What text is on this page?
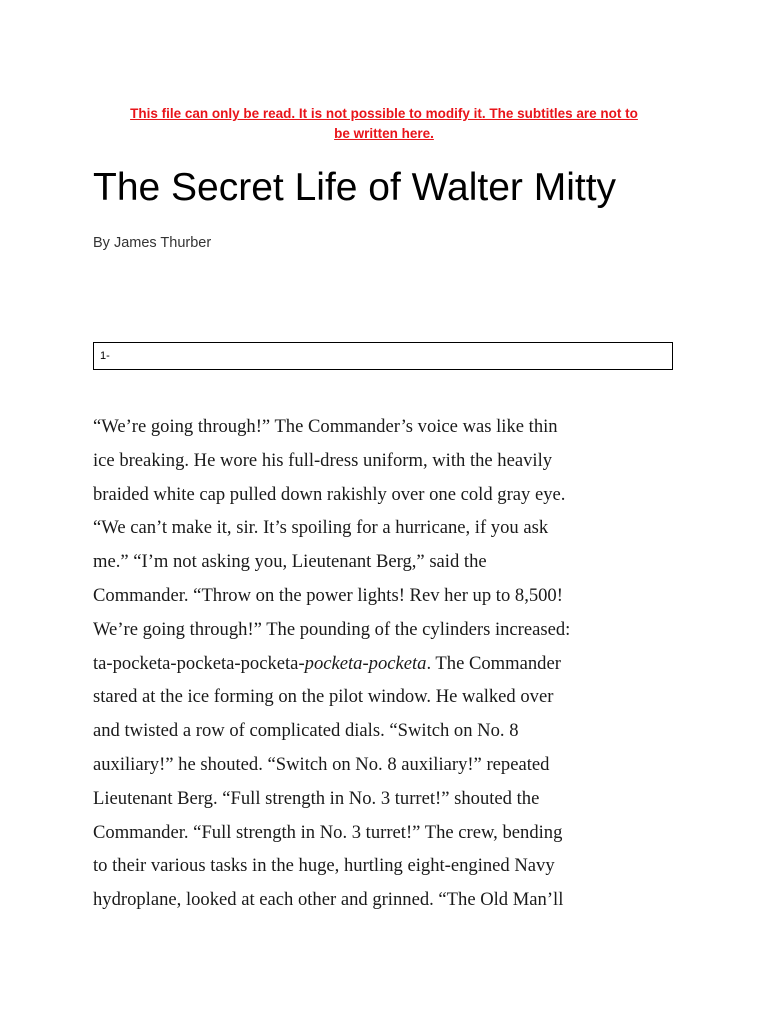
This file can only be read. It is not possible to modify it. The subtitles are not to
be written here.
The Secret Life of Walter Mitty
By James Thurber
1-
“We’re going through!” The Commander’s voice was like thin
ice breaking. He wore his full-dress uniform, with the heavily
braided white cap pulled down rakishly over one cold gray eye.
“We can’t make it, sir. It’s spoiling for a hurricane, if you ask
me.” “I’m not asking you, Lieutenant Berg,” said the
Commander. “Throw on the power lights! Rev her up to 8,500!
We’re going through!” The pounding of the cylinders increased:
ta-pocketa-pocketa-pocketa-pocketa-pocketa. The Commander
stared at the ice forming on the pilot window. He walked over
and twisted a row of complicated dials. “Switch on No. 8
auxiliary!” he shouted. “Switch on No. 8 auxiliary!” repeated
Lieutenant Berg. “Full strength in No. 3 turret!” shouted the
Commander. “Full strength in No. 3 turret!” The crew, bending
to their various tasks in the huge, hurtling eight-engined Navy
hydroplane, looked at each other and grinned. “The Old Man’ll
